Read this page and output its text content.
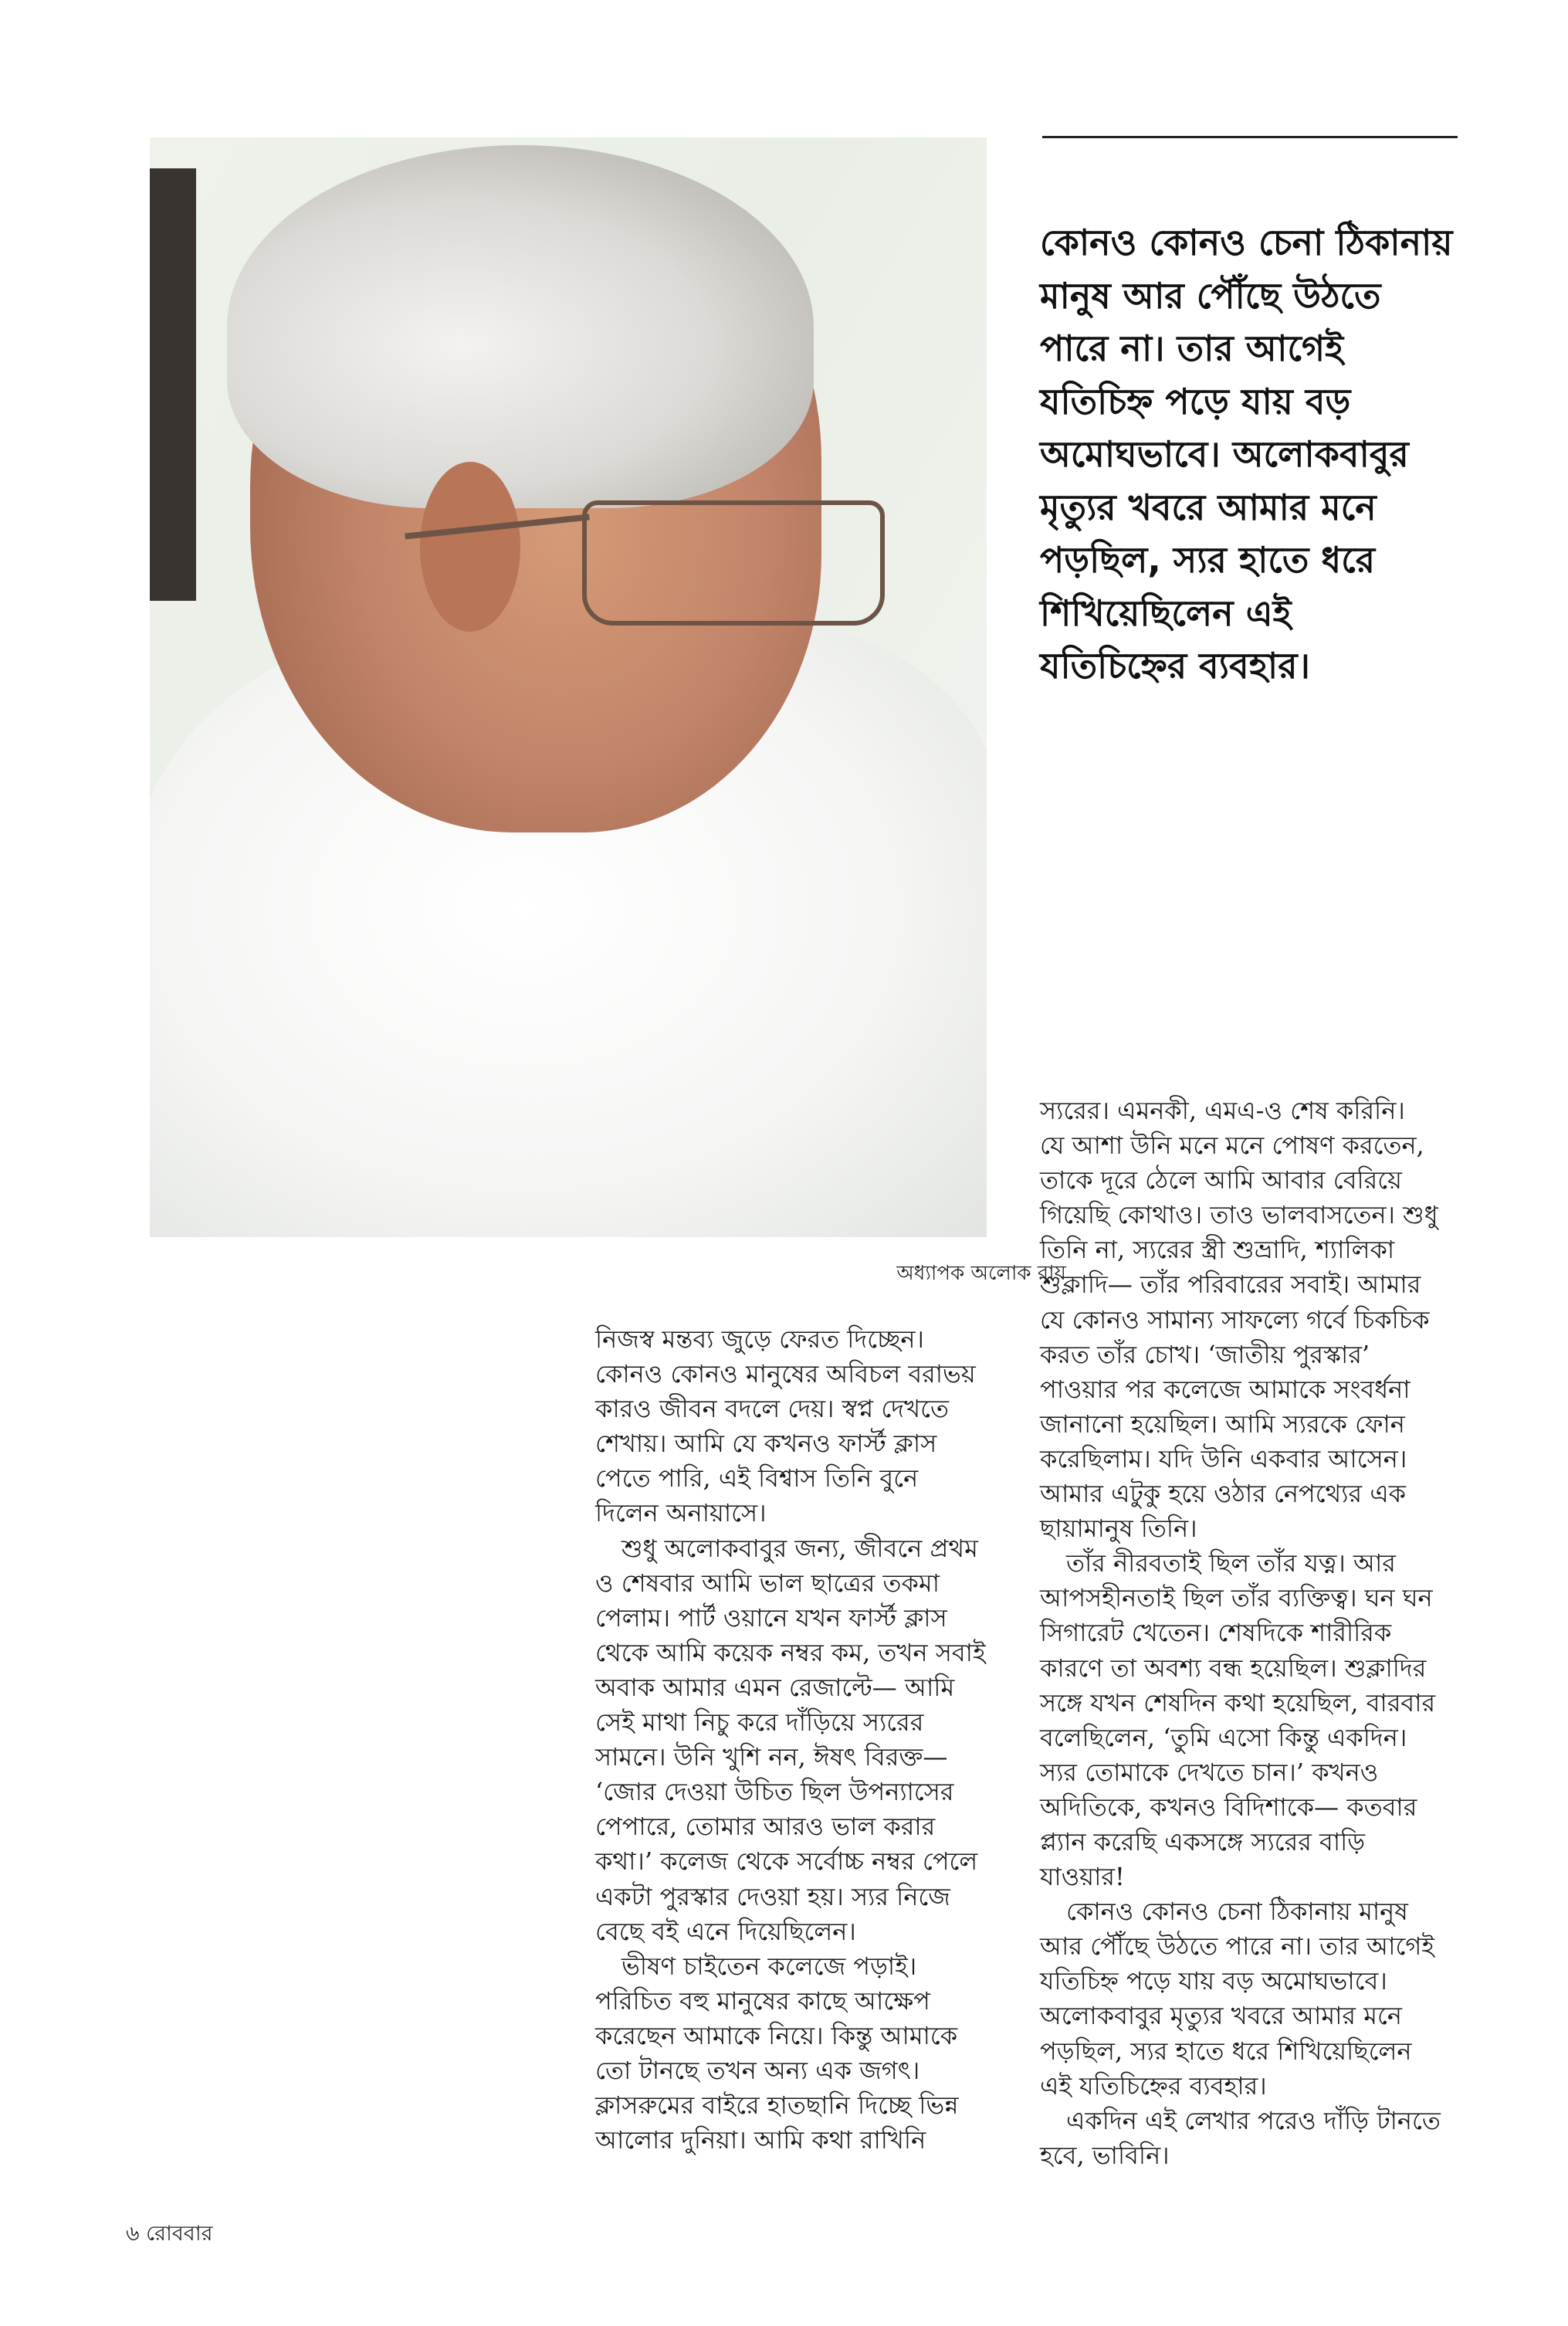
অধ্যাপক অলোক রায়
কোনও কোনও চেনা ঠিকানায়
মানুষ আর পৌঁছে উঠতে
পারে না। তার আগেই
যতিচিহ্ন পড়ে যায় বড়
অমোঘভাবে। অলোকবাবুর
মৃত্যুর খবরে আমার মনে
পড়ছিল, স্যর হাতে ধরে
শিখিয়েছিলেন এই
যতিচিহ্নের ব্যবহার।
নিজস্ব মন্তব্য জুড়ে ফেরত দিচ্ছেন।
কোনও কোনও মানুষের অবিচল বরাভয়
কারও জীবন বদলে দেয়। স্বপ্ন দেখতে
শেখায়। আমি যে কখনও ফার্স্ট ক্লাস
পেতে পারি, এই বিশ্বাস তিনি বুনে
দিলেন অনায়াসে।
শুধু অলোকবাবুর জন্য, জীবনে প্রথম
ও শেষবার আমি ভাল ছাত্রের তকমা
পেলাম। পার্ট ওয়ানে যখন ফার্স্ট ক্লাস
থেকে আমি কয়েক নম্বর কম, তখন সবাই
অবাক আমার এমন রেজাল্টে— আমি
সেই মাথা নিচু করে দাঁড়িয়ে স্যরের
সামনে। উনি খুশি নন, ঈষৎ বিরক্ত—
‘জোর দেওয়া উচিত ছিল উপন্যাসের
পেপারে, তোমার আরও ভাল করার
কথা।’ কলেজ থেকে সর্বোচ্চ নম্বর পেলে
একটা পুরস্কার দেওয়া হয়। স্যর নিজে
বেছে বই এনে দিয়েছিলেন।
ভীষণ চাইতেন কলেজে পড়াই।
পরিচিত বহু মানুষের কাছে আক্ষেপ
করেছেন আমাকে নিয়ে। কিন্তু আমাকে
তো টানছে তখন অন্য এক জগৎ।
ক্লাসরুমের বাইরে হাতছানি দিচ্ছে ভিন্ন
আলোর দুনিয়া। আমি কথা রাখিনি
স্যরের। এমনকী, এমএ-ও শেষ করিনি।
যে আশা উনি মনে মনে পোষণ করতেন,
তাকে দূরে ঠেলে আমি আবার বেরিয়ে
গিয়েছি কোথাও। তাও ভালবাসতেন। শুধু
তিনি না, স্যরের স্ত্রী শুভ্রাদি, শ্যালিকা
শুক্লাদি— তাঁর পরিবারের সবাই। আমার
যে কোনও সামান্য সাফল্যে গর্বে চিকচিক
করত তাঁর চোখ। ‘জাতীয় পুরস্কার’
পাওয়ার পর কলেজে আমাকে সংবর্ধনা
জানানো হয়েছিল। আমি স্যরকে ফোন
করেছিলাম। যদি উনি একবার আসেন।
আমার এটুকু হয়ে ওঠার নেপথ্যের এক
ছায়ামানুষ তিনি।
তাঁর নীরবতাই ছিল তাঁর যত্ন। আর
আপসহীনতাই ছিল তাঁর ব্যক্তিত্ব। ঘন ঘন
সিগারেট খেতেন। শেষদিকে শারীরিক
কারণে তা অবশ্য বন্ধ হয়েছিল। শুক্লাদির
সঙ্গে যখন শেষদিন কথা হয়েছিল, বারবার
বলেছিলেন, ‘তুমি এসো কিন্তু একদিন।
স্যর তোমাকে দেখতে চান।’ কখনও
অদিতিকে, কখনও বিদিশাকে— কতবার
প্ল্যান করেছি একসঙ্গে স্যরের বাড়ি
যাওয়ার!
কোনও কোনও চেনা ঠিকানায় মানুষ
আর পৌঁছে উঠতে পারে না। তার আগেই
যতিচিহ্ন পড়ে যায় বড় অমোঘভাবে।
অলোকবাবুর মৃত্যুর খবরে আমার মনে
পড়ছিল, স্যর হাতে ধরে শিখিয়েছিলেন
এই যতিচিহ্নের ব্যবহার।
একদিন এই লেখার পরেও দাঁড়ি টানতে
হবে, ভাবিনি।
৬ রোববার
